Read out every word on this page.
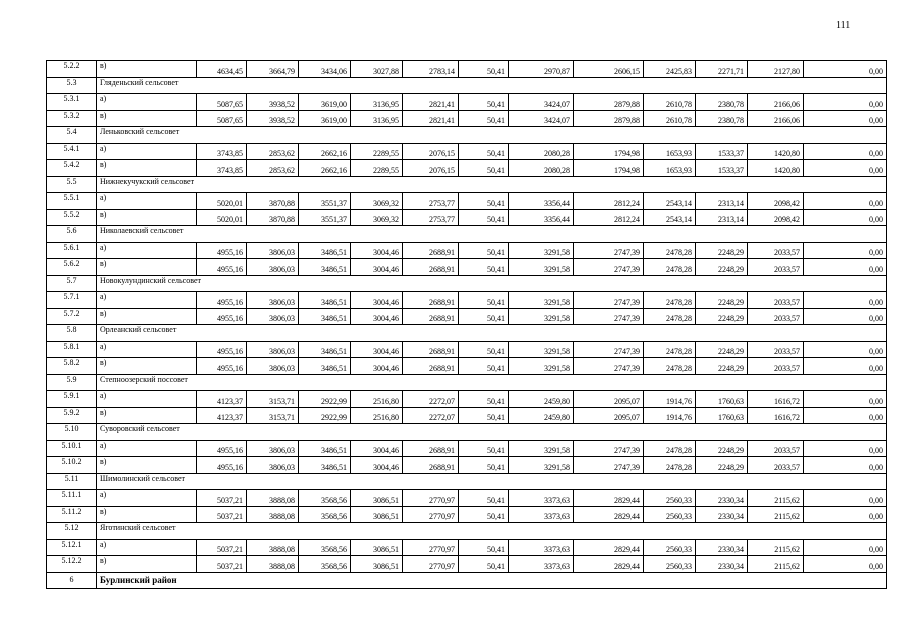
111
5.2.2	в)	4634,45	3664,79	3434,06	3027,88	2783,14	50,41	2970,87	2606,15	2425,83	2271,71	2127,80	0,00
5.3	Гляденьский сельсовет												
5.3.1	а)	5087,65	3938,52	3619,00	3136,95	2821,41	50,41	3424,07	2879,88	2610,78	2380,78	2166,06	0,00
5.3.2	в)	5087,65	3938,52	3619,00	3136,95	2821,41	50,41	3424,07	2879,88	2610,78	2380,78	2166,06	0,00
5.4	Леньковский сельсовет												
5.4.1	а)	3743,85	2853,62	2662,16	2289,55	2076,15	50,41	2080,28	1794,98	1653,93	1533,37	1420,80	0,00
5.4.2	в)	3743,85	2853,62	2662,16	2289,55	2076,15	50,41	2080,28	1794,98	1653,93	1533,37	1420,80	0,00
5.5	Нижнекучукский сельсовет												
5.5.1	а)	5020,01	3870,88	3551,37	3069,32	2753,77	50,41	3356,44	2812,24	2543,14	2313,14	2098,42	0,00
5.5.2	в)	5020,01	3870,88	3551,37	3069,32	2753,77	50,41	3356,44	2812,24	2543,14	2313,14	2098,42	0,00
5.6	Николаевский сельсовет												
5.6.1	а)	4955,16	3806,03	3486,51	3004,46	2688,91	50,41	3291,58	2747,39	2478,28	2248,29	2033,57	0,00
5.6.2	в)	4955,16	3806,03	3486,51	3004,46	2688,91	50,41	3291,58	2747,39	2478,28	2248,29	2033,57	0,00
5.7	Новокулундинский сельсовет												
5.7.1	а)	4955,16	3806,03	3486,51	3004,46	2688,91	50,41	3291,58	2747,39	2478,28	2248,29	2033,57	0,00
5.7.2	в)	4955,16	3806,03	3486,51	3004,46	2688,91	50,41	3291,58	2747,39	2478,28	2248,29	2033,57	0,00
5.8	Орлеанский сельсовет												
5.8.1	а)	4955,16	3806,03	3486,51	3004,46	2688,91	50,41	3291,58	2747,39	2478,28	2248,29	2033,57	0,00
5.8.2	в)	4955,16	3806,03	3486,51	3004,46	2688,91	50,41	3291,58	2747,39	2478,28	2248,29	2033,57	0,00
5.9	Степноозерский поссовет												
5.9.1	а)	4123,37	3153,71	2922,99	2516,80	2272,07	50,41	2459,80	2095,07	1914,76	1760,63	1616,72	0,00
5.9.2	в)	4123,37	3153,71	2922,99	2516,80	2272,07	50,41	2459,80	2095,07	1914,76	1760,63	1616,72	0,00
5.10	Суворовский сельсовет												
5.10.1	а)	4955,16	3806,03	3486,51	3004,46	2688,91	50,41	3291,58	2747,39	2478,28	2248,29	2033,57	0,00
5.10.2	в)	4955,16	3806,03	3486,51	3004,46	2688,91	50,41	3291,58	2747,39	2478,28	2248,29	2033,57	0,00
5.11	Шимолинский сельсовет												
5.11.1	а)	5037,21	3888,08	3568,56	3086,51	2770,97	50,41	3373,63	2829,44	2560,33	2330,34	2115,62	0,00
5.11.2	в)	5037,21	3888,08	3568,56	3086,51	2770,97	50,41	3373,63	2829,44	2560,33	2330,34	2115,62	0,00
5.12	Яготинский сельсовет												
5.12.1	а)	5037,21	3888,08	3568,56	3086,51	2770,97	50,41	3373,63	2829,44	2560,33	2330,34	2115,62	0,00
5.12.2	в)	5037,21	3888,08	3568,56	3086,51	2770,97	50,41	3373,63	2829,44	2560,33	2330,34	2115,62	0,00
6	Бурлинский район												
